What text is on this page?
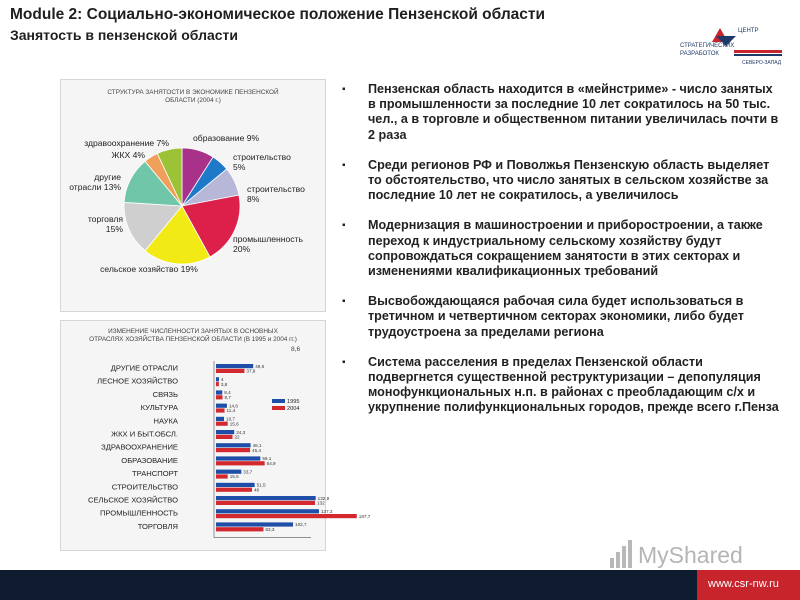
Module 2: Социально-экономическое положение Пензенской области
Занятость в пензенской области	ЦЕНТР
СТРАТЕГИЧЕСКИХ
РАЗРАБОТОК
СЕВЕРО-ЗАПАД
СТРУКТУРА ЗАНЯТОСТИ В ЭКОНОМИКЕ ПЕНЗЕНСКОЙ
ОБЛАСТИ (2004 г.)
образование 9%
строительство 5%
строительство 8%
промышленность 20%
сельское хозяйство 19%
торговля 15%
другие отрасли 13%
ЖКХ 4%
здравоохранение 7%
ИЗМЕНЕНИЕ ЧИСЛЕННОСТИ ЗАНЯТЫХ В ОСНОВНЫХ
ОТРАСЛЯХ ХОЗЯЙСТВА ПЕНЗЕНСКОЙ ОБЛАСТИ (В 1995 и 2004 гг.)
8,6
ДРУГИЕ ОТРАСЛИ	49,6
37,9
ЛЕСНОЕ ХОЗЯЙСТВО	4
3,8
СВЯЗЬ	8,4
8,7
КУЛЬТУРА	14,6
11,4
НАУКА	10,7
15,6
ЖКХ И БЫТ.ОБСЛ.	24,3
22
ЗДРАВООХРАНЕНИЕ	46,1
45,4
ОБРАЗОВАНИЕ	59,1
64,9
ТРАНСПОРТ	33,7
15,6
СТРОИТЕЛЬСТВО	51,5
48
СЕЛЬСКОЕ ХОЗЯЙСТВО	132,9
132
ПРОМЫШЛЕННОСТЬ	137,3
187,7
ТОРГОВЛЯ	102,7
63,3
1995
2004
▪ Пензенская область находится в «мейнстриме» - число занятых в промышленности за последние 10 лет сократилось на 50 тыс. чел., а в торговле и общественном питании увеличилась почти в 2 раза
▪ Среди регионов РФ и Поволжья Пензенскую область выделяет то обстоятельство, что число занятых в сельском хозяйстве за последние 10 лет не сократилось, а увеличилось
▪ Модернизация в машиностроении и приборостроении, а также переход к индустриальному сельскому хозяйству будут сопровождаться сокращением занятости в этих секторах и изменениями квалификационных требований
▪ Высвобождающаяся рабочая сила будет использоваться в третичном и четвертичном секторах экономики, либо будет трудоустроена за пределами региона
▪ Система расселения в пределах Пензенской области подвергнется существенной реструктуризации – депопуляция монофункциональных н.п. в районах с преобладающим с/х и укрупнение полифункциональных городов, прежде всего г.Пенза
MyShared
www.csr-nw.ru
